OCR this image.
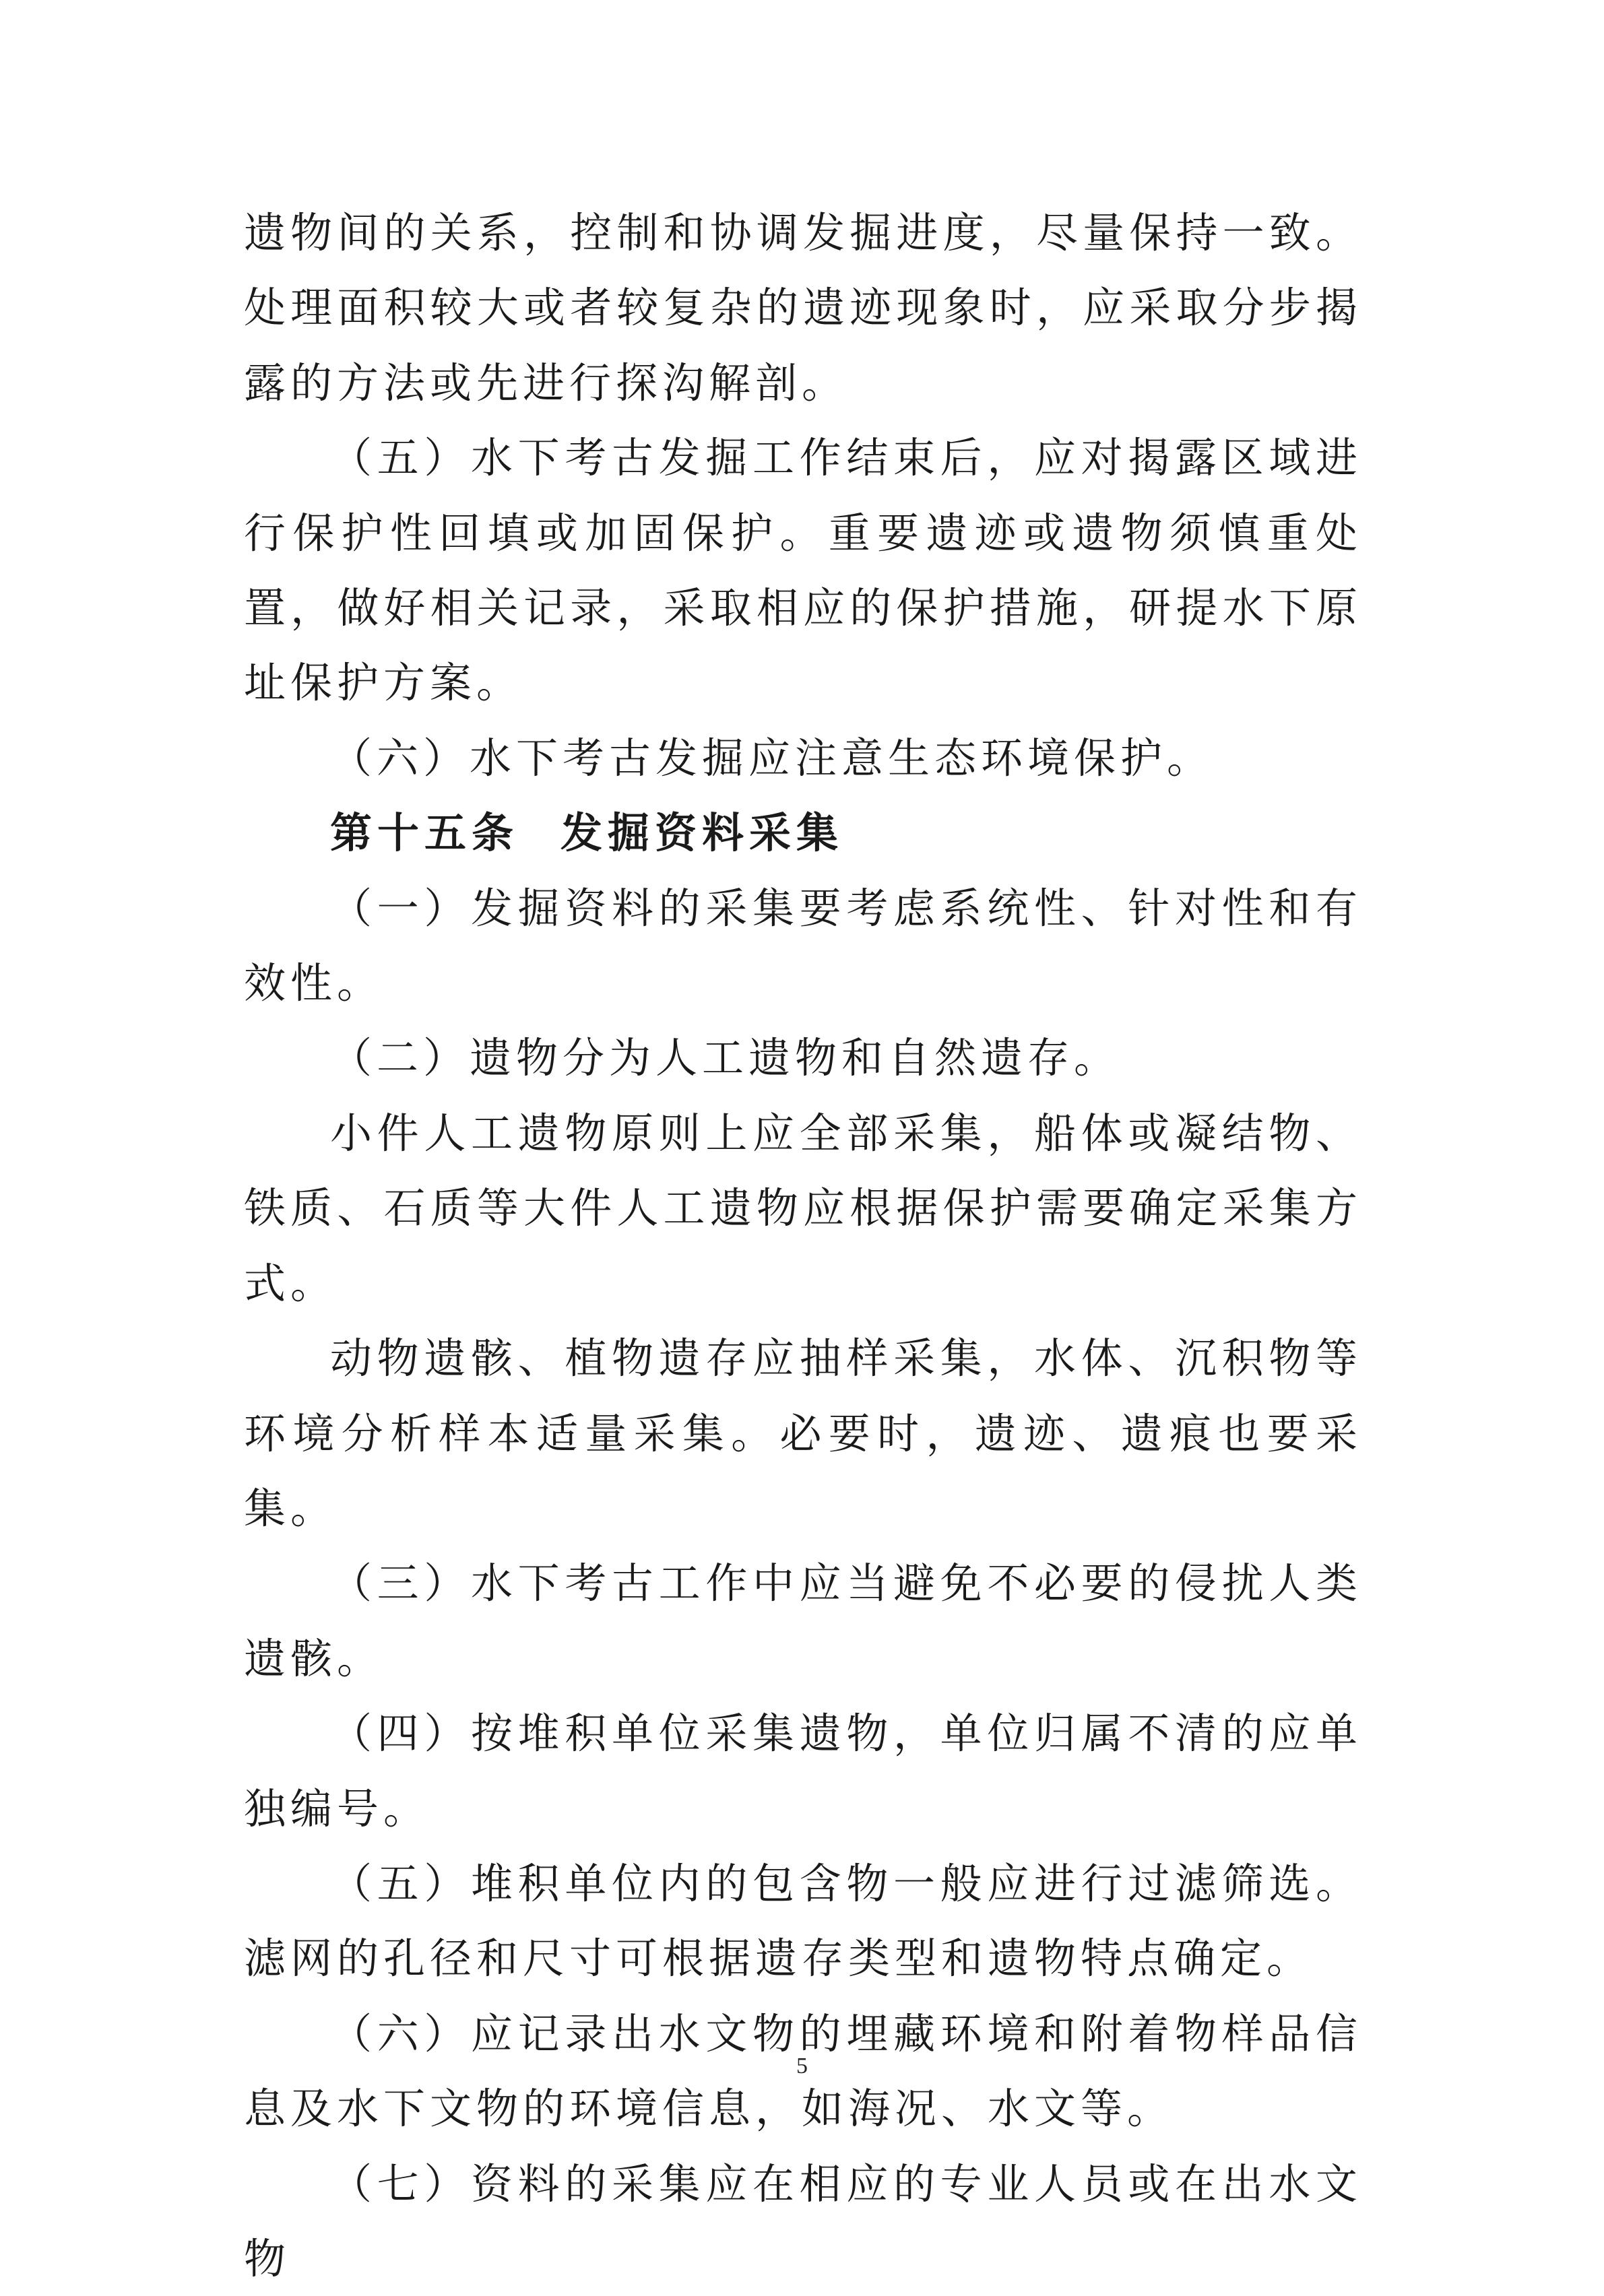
遗物间的关系，控制和协调发掘进度，尽量保持一致。处理面积较大或者较复杂的遗迹现象时，应采取分步揭露的方法或先进行探沟解剖。

（五）水下考古发掘工作结束后，应对揭露区域进行保护性回填或加固保护。重要遗迹或遗物须慎重处置，做好相关记录，采取相应的保护措施，研提水下原址保护方案。

（六）水下考古发掘应注意生态环境保护。

第十五条 发掘资料采集

（一）发掘资料的采集要考虑系统性、针对性和有效性。

（二）遗物分为人工遗物和自然遗存。

小件人工遗物原则上应全部采集，船体或凝结物、铁质、石质等大件人工遗物应根据保护需要确定采集方式。

动物遗骸、植物遗存应抽样采集，水体、沉积物等环境分析样本适量采集。必要时，遗迹、遗痕也要采集。

（三）水下考古工作中应当避免不必要的侵扰人类遗骸。

（四）按堆积单位采集遗物，单位归属不清的应单独编号。

（五）堆积单位内的包含物一般应进行过滤筛选。滤网的孔径和尺寸可根据遗存类型和遗物特点确定。

（六）应记录出水文物的埋藏环境和附着物样品信息及水下文物的环境信息，如海况、水文等。

（七）资料的采集应在相应的专业人员或在出水文物

5
